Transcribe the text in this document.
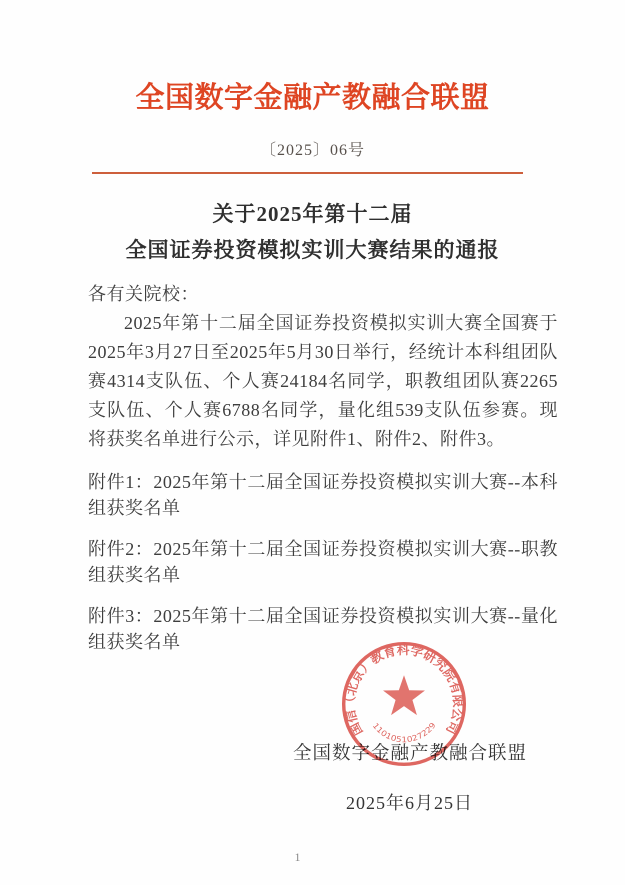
全国数字金融产教融合联盟
〔2025〕06号
关于2025年第十二届
全国证券投资模拟实训大赛结果的通报

各有关院校：

2025年第十二届全国证券投资模拟实训大赛全国赛于2025年3月27日至2025年5月30日举行，经统计本科组团队赛4314支队伍、个人赛24184名同学，职教组团队赛2265支队伍、个人赛6788名同学，量化组539支队伍参赛。现将获奖名单进行公示，详见附件1、附件2、附件3。

附件1：2025年第十二届全国证券投资模拟实训大赛--本科组获奖名单

附件2：2025年第十二届全国证券投资模拟实训大赛--职教组获奖名单

附件3：2025年第十二届全国证券投资模拟实训大赛--量化组获奖名单

全国数字金融产教融合联盟
2025年6月25日
国信（北京）教育科学研究院有限公司
1101051027229
1
